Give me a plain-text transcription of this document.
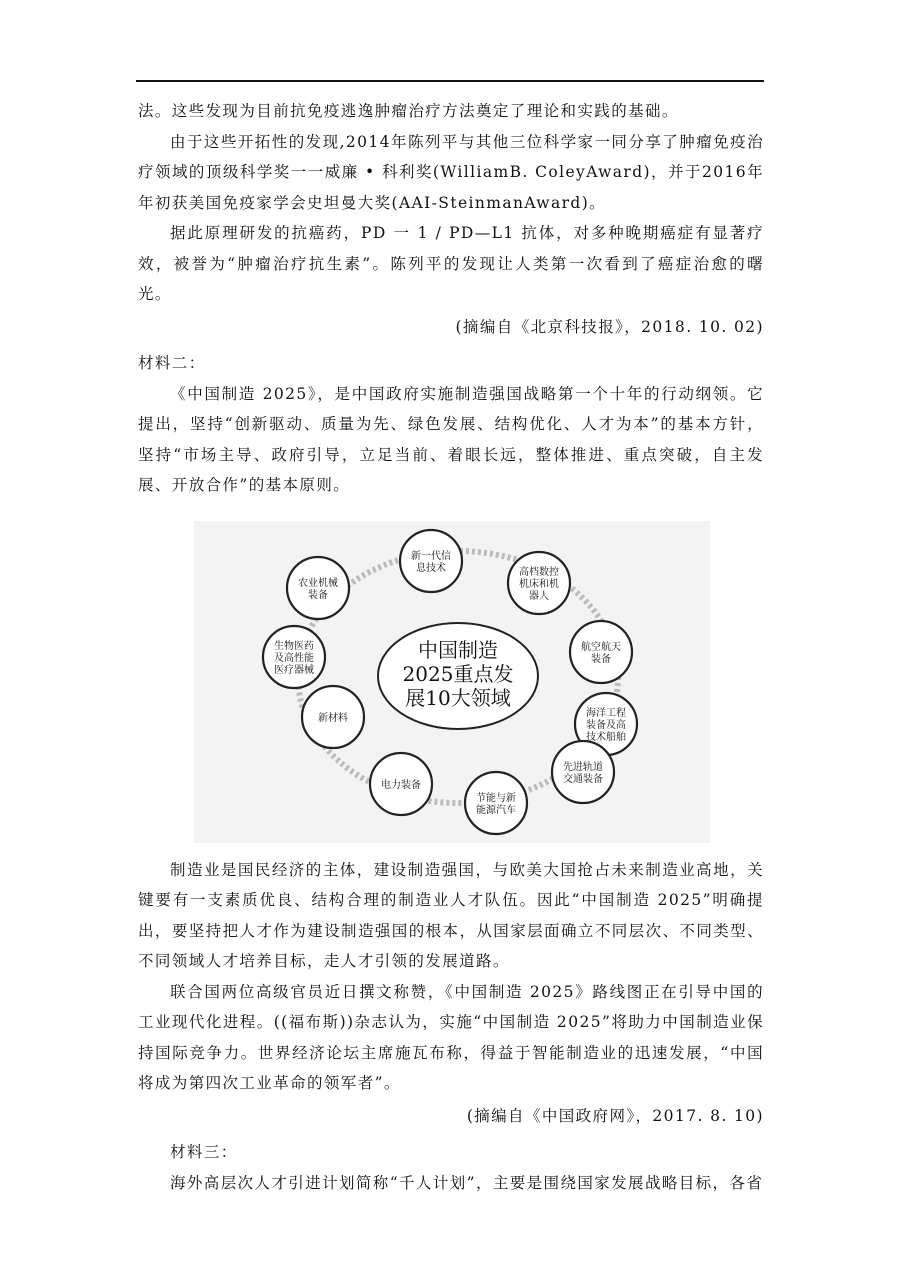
法。这些发现为目前抗免疫逃逸肿瘤治疗方法奠定了理论和实践的基础。

由于这些开拓性的发现,2014年陈列平与其他三位科学家一同分享了肿瘤免疫治疗领域的顶级科学奖一一威廉 • 科利奖(WilliamB. ColeyAward)，并于2016年年初获美国免疫家学会史坦曼大奖(AAI-SteinmanAward)。

据此原理研发的抗癌药，PD 一 1 / PD—L1 抗体，对多种晚期癌症有显著疗效，被誉为“肿瘤治疗抗生素”。陈列平的发现让人类第一次看到了癌症治愈的曙光。

(摘编自《北京科技报》，2018. 10. 02)

材料二：

《中国制造 2025》，是中国政府实施制造强国战略第一个十年的行动纲领。它提出，坚持“创新驱动、质量为先、绿色发展、结构优化、人才为本”的基本方针，坚持“市场主导、政府引导，立足当前、着眼长远，整体推进、重点突破，自主发展、开放合作”的基本原则。

中国制造
2025重点发
展10大领域
新一代信
息技术	高档数控
机床和机
器人
航空航天
装备
海洋工程
装备及高
技术船舶
先进轨道
交通装备
节能与新
能源汽车
电力装备
新材料
生物医药
及高性能
医疗器械
农业机械
装备

制造业是国民经济的主体，建设制造强国，与欧美大国抢占未来制造业高地，关键要有一支素质优良、结构合理的制造业人才队伍。因此“中国制造 2025”明确提出，要坚持把人才作为建设制造强国的根本，从国家层面确立不同层次、不同类型、不同领域人才培养目标，走人才引领的发展道路。

联合国两位高级官员近日撰文称赞，《中国制造 2025》路线图正在引导中国的工业现代化进程。((福布斯))杂志认为，实施“中国制造 2025”将助力中国制造业保持国际竞争力。世界经济论坛主席施瓦布称，得益于智能制造业的迅速发展，“中国将成为第四次工业革命的领军者”。

(摘编自《中国政府网》，2017. 8. 10)

材料三：

海外高层次人才引进计划简称“千人计划”，主要是围绕国家发展战略目标，各省
